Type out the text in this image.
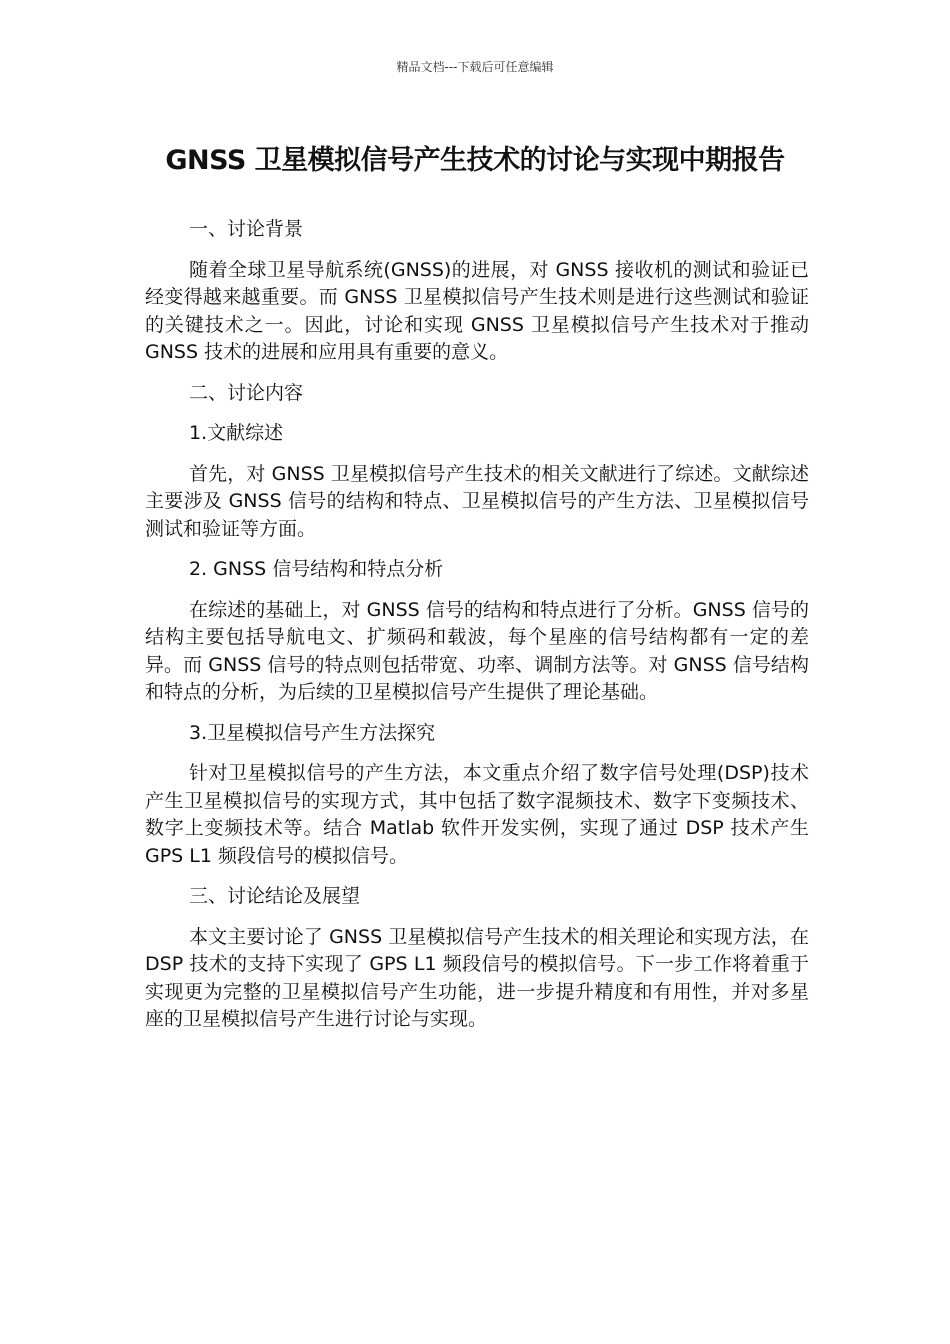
精品文档---下载后可任意编辑
GNSS 卫星模拟信号产生技术的讨论与实现中期报告

一、讨论背景

随着全球卫星导航系统(GNSS)的进展，对 GNSS 接收机的测试和验证已经变得越来越重要。而 GNSS 卫星模拟信号产生技术则是进行这些测试和验证的关键技术之一。因此，讨论和实现 GNSS 卫星模拟信号产生技术对于推动 GNSS 技术的进展和应用具有重要的意义。

二、讨论内容

1.文献综述

首先，对 GNSS 卫星模拟信号产生技术的相关文献进行了综述。文献综述主要涉及 GNSS 信号的结构和特点、卫星模拟信号的产生方法、卫星模拟信号测试和验证等方面。

2. GNSS 信号结构和特点分析

在综述的基础上，对 GNSS 信号的结构和特点进行了分析。GNSS 信号的结构主要包括导航电文、扩频码和载波，每个星座的信号结构都有一定的差异。而 GNSS 信号的特点则包括带宽、功率、调制方法等。对 GNSS 信号结构和特点的分析，为后续的卫星模拟信号产生提供了理论基础。

3.卫星模拟信号产生方法探究

针对卫星模拟信号的产生方法，本文重点介绍了数字信号处理(DSP)技术产生卫星模拟信号的实现方式，其中包括了数字混频技术、数字下变频技术、数字上变频技术等。结合 Matlab 软件开发实例，实现了通过 DSP 技术产生 GPS L1 频段信号的模拟信号。

三、讨论结论及展望

本文主要讨论了 GNSS 卫星模拟信号产生技术的相关理论和实现方法，在 DSP 技术的支持下实现了 GPS L1 频段信号的模拟信号。下一步工作将着重于实现更为完整的卫星模拟信号产生功能，进一步提升精度和有用性，并对多星座的卫星模拟信号产生进行讨论与实现。
